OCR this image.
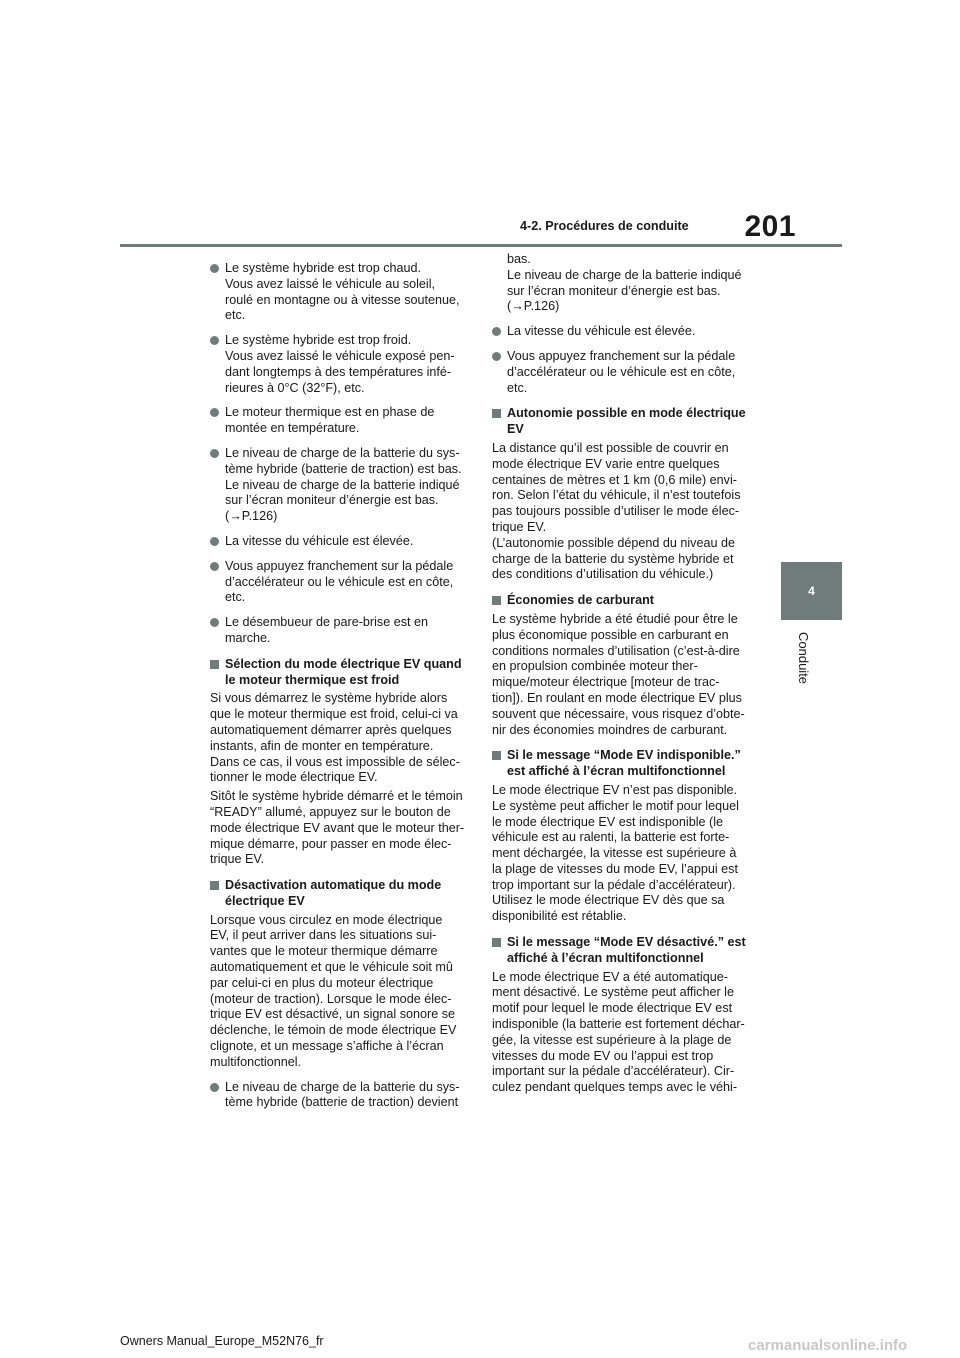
201
4-2. Procédures de conduite
4
Conduite
Le système hybride est trop chaud.
Vous avez laissé le véhicule au soleil,
roulé en montagne ou à vitesse soutenue,
etc.
Le système hybride est trop froid.
Vous avez laissé le véhicule exposé pen-
dant longtemps à des températures infé-
rieures à 0°C (32°F), etc.
Le moteur thermique est en phase de
montée en température.
Le niveau de charge de la batterie du sys-
tème hybride (batterie de traction) est bas.
Le niveau de charge de la batterie indiqué
sur l’écran moniteur d’énergie est bas.
(→P.126)
La vitesse du véhicule est élevée.
Vous appuyez franchement sur la pédale
d’accélérateur ou le véhicule est en côte,
etc.
Le désembueur de pare-brise est en
marche.
Sélection du mode électrique EV quand
le moteur thermique est froid
Si vous démarrez le système hybride alors
que le moteur thermique est froid, celui-ci va
automatiquement démarrer après quelques
instants, afin de monter en température.
Dans ce cas, il vous est impossible de sélec-
tionner le mode électrique EV.
Sitôt le système hybride démarré et le témoin
“READY” allumé, appuyez sur le bouton de
mode électrique EV avant que le moteur ther-
mique démarre, pour passer en mode élec-
trique EV.
Désactivation automatique du mode
électrique EV
Lorsque vous circulez en mode électrique
EV, il peut arriver dans les situations sui-
vantes que le moteur thermique démarre
automatiquement et que le véhicule soit mû
par celui-ci en plus du moteur électrique
(moteur de traction). Lorsque le mode élec-
trique EV est désactivé, un signal sonore se
déclenche, le témoin de mode électrique EV
clignote, et un message s’affiche à l’écran
multifonctionnel.
Le niveau de charge de la batterie du sys-
tème hybride (batterie de traction) devient
bas.
Le niveau de charge de la batterie indiqué
sur l’écran moniteur d’énergie est bas.
(→P.126)
La vitesse du véhicule est élevée.
Vous appuyez franchement sur la pédale
d’accélérateur ou le véhicule est en côte,
etc.
Autonomie possible en mode électrique
EV
La distance qu’il est possible de couvrir en
mode électrique EV varie entre quelques
centaines de mètres et 1 km (0,6 mile) envi-
ron. Selon l’état du véhicule, il n’est toutefois
pas toujours possible d’utiliser le mode élec-
trique EV.
(L’autonomie possible dépend du niveau de
charge de la batterie du système hybride et
des conditions d’utilisation du véhicule.)
Économies de carburant
Le système hybride a été étudié pour être le
plus économique possible en carburant en
conditions normales d’utilisation (c’est-à-dire
en propulsion combinée moteur ther-
mique/moteur électrique [moteur de trac-
tion]). En roulant en mode électrique EV plus
souvent que nécessaire, vous risquez d’obte-
nir des économies moindres de carburant.
Si le message “Mode EV indisponible.”
est affiché à l’écran multifonctionnel
Le mode électrique EV n’est pas disponible.
Le système peut afficher le motif pour lequel
le mode électrique EV est indisponible (le
véhicule est au ralenti, la batterie est forte-
ment déchargée, la vitesse est supérieure à
la plage de vitesses du mode EV, l’appui est
trop important sur la pédale d’accélérateur).
Utilisez le mode électrique EV dès que sa
disponibilité est rétablie.
Si le message “Mode EV désactivé.” est
affiché à l’écran multifonctionnel
Le mode électrique EV a été automatique-
ment désactivé. Le système peut afficher le
motif pour lequel le mode électrique EV est
indisponible (la batterie est fortement déchar-
gée, la vitesse est supérieure à la plage de
vitesses du mode EV ou l’appui est trop
important sur la pédale d’accélérateur). Cir-
culez pendant quelques temps avec le véhi-
Owners Manual_Europe_M52N76_fr	carmanualsonline.info
